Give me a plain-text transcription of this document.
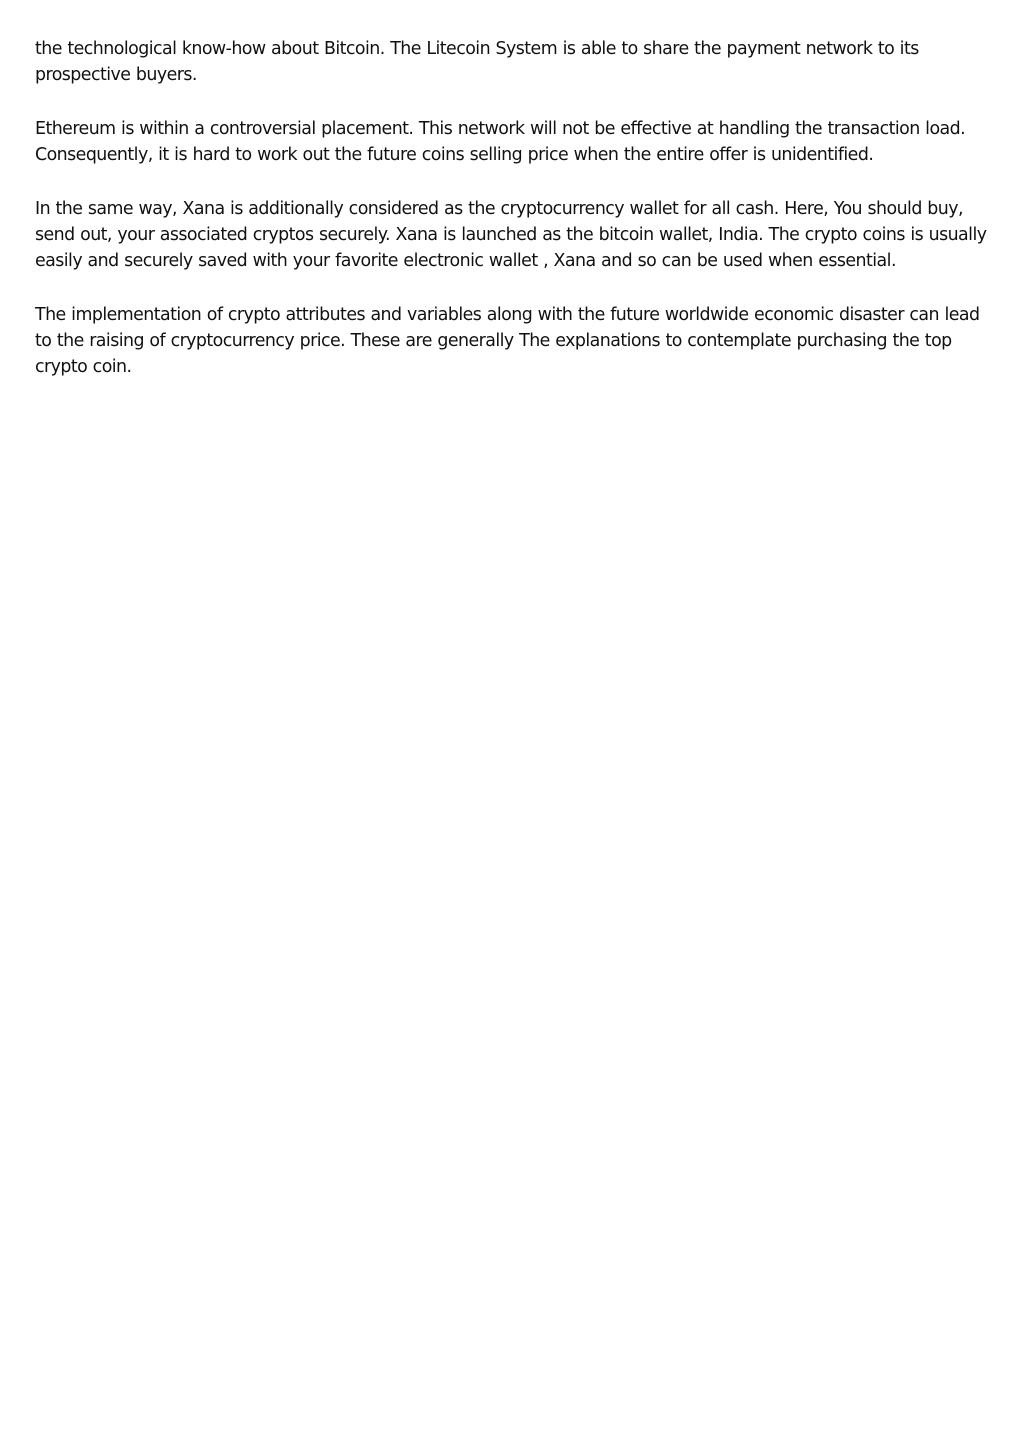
the technological know-how about Bitcoin. The Litecoin System is able to share the payment network to its prospective buyers.

Ethereum is within a controversial placement. This network will not be effective at handling the transaction load. Consequently, it is hard to work out the future coins selling price when the entire offer is unidentified.

In the same way, Xana is additionally considered as the cryptocurrency wallet for all cash. Here, You should buy, send out, your associated cryptos securely. Xana is launched as the bitcoin wallet, India. The crypto coins is usually easily and securely saved with your favorite electronic wallet , Xana and so can be used when essential.

The implementation of crypto attributes and variables along with the future worldwide economic disaster can lead to the raising of cryptocurrency price. These are generally The explanations to contemplate purchasing the top crypto coin.
